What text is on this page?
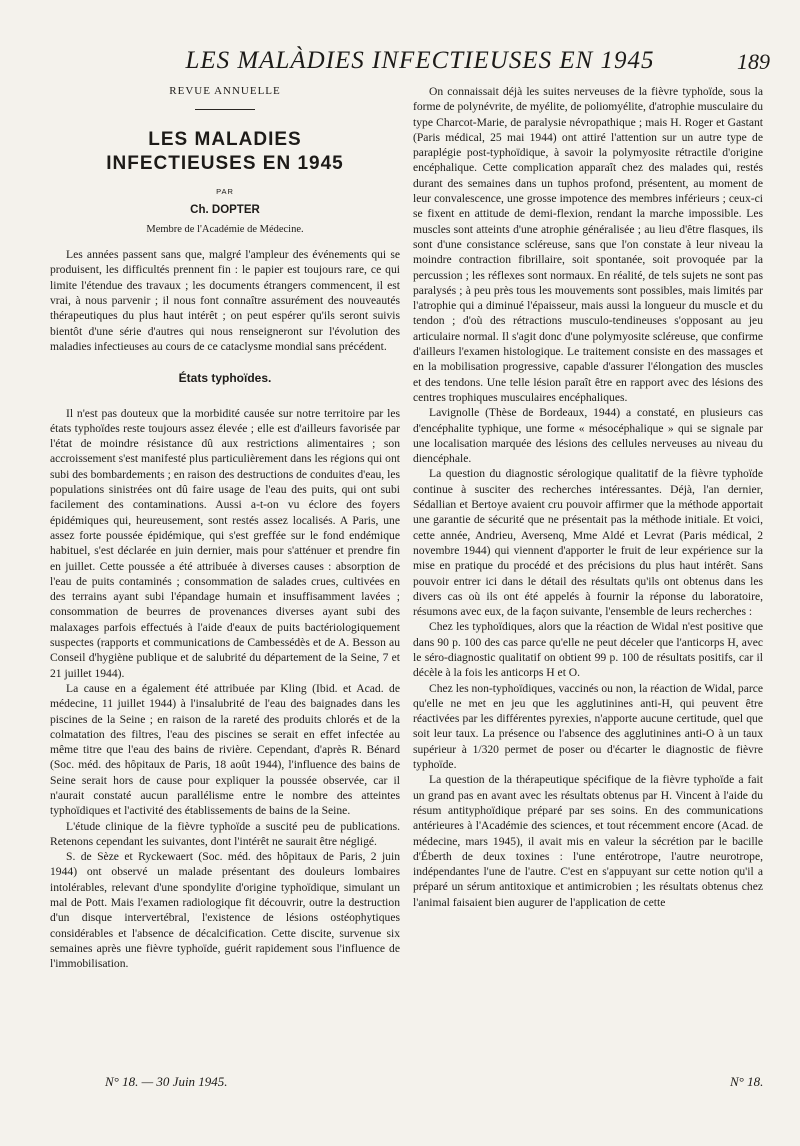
LES MALÀDIES INFECTIEUSES EN 1945	189
REVUE ANNUELLE
LES MALADIES
INFECTIEUSES EN 1945
PAR
Ch. DOPTER
Membre de l'Académie de Médecine.

Les années passent sans que, malgré l'ampleur des événements qui se produisent, les difficultés prennent fin : le papier est toujours rare, ce qui limite l'étendue des travaux ; les documents étrangers commencent, il est vrai, à nous parvenir ; il nous font connaître assurément des nouveautés thérapeutiques du plus haut intérêt ; on peut espérer qu'ils seront suivis bientôt d'une série d'autres qui nous renseigneront sur l'évolution des maladies infectieuses au cours de ce cataclysme mondial sans précédent.

États typhoïdes.

Il n'est pas douteux que la morbidité causée sur notre territoire par les états typhoïdes reste toujours assez élevée ; elle est d'ailleurs favorisée par l'état de moindre résistance dû aux restrictions alimentaires ; son accroissement s'est manifesté plus particulièrement dans les régions qui ont subi des bombardements ; en raison des destructions de conduites d'eau, les populations sinistrées ont dû faire usage de l'eau des puits, qui ont subi facilement des contaminations. Aussi a-t-on vu éclore des foyers épidémiques qui, heureusement, sont restés assez localisés. A Paris, une assez forte poussée épidémique, qui s'est greffée sur le fond endémique habituel, s'est déclarée en juin dernier, mais pour s'atténuer et prendre fin en juillet. Cette poussée a été attribuée à diverses causes : absorption de l'eau de puits contaminés ; consommation de salades crues, cultivées en des terrains ayant subi l'épandage humain et insuffisamment lavées ; consommation de beurres de provenances diverses ayant subi des malaxages parfois effectués à l'aide d'eaux de puits bactériologiquement suspectes (rapports et communications de Cambessédès et de A. Besson au Conseil d'hygiène publique et de salubrité du département de la Seine, 7 et 21 juillet 1944).

La cause en a également été attribuée par Kling (Ibid. et Acad. de médecine, 11 juillet 1944) à l'insalubrité de l'eau des baignades dans les piscines de la Seine ; en raison de la rareté des produits chlorés et de la colmatation des filtres, l'eau des piscines se serait en effet infectée au même titre que l'eau des bains de rivière. Cependant, d'après R. Bénard (Soc. méd. des hôpitaux de Paris, 18 août 1944), l'influence des bains de Seine serait hors de cause pour expliquer la poussée observée, car il n'aurait constaté aucun parallélisme entre le nombre des atteintes typhoïdiques et l'activité des établissements de bains de la Seine.

L'étude clinique de la fièvre typhoïde a suscité peu de publications. Retenons cependant les suivantes, dont l'intérêt ne saurait être négligé.

S. de Sèze et Ryckewaert (Soc. méd. des hôpitaux de Paris, 2 juin 1944) ont observé un malade présentant des douleurs lombaires intolérables, relevant d'une spondylite d'origine typhoïdique, simulant un mal de Pott. Mais l'examen radiologique fit découvrir, outre la destruction d'un disque intervertébral, l'existence de lésions ostéophytiques considérables et l'absence de décalcification. Cette discite, survenue six semaines après une fièvre typhoïde, guérit rapidement sous l'influence de l'immobilisation.

On connaissait déjà les suites nerveuses de la fièvre typhoïde, sous la forme de polynévrite, de myélite, de poliomyélite, d'atrophie musculaire du type Charcot-Marie, de paralysie névropathique ; mais H. Roger et Gastant (Paris médical, 25 mai 1944) ont attiré l'attention sur un autre type de paraplégie post-typhoïdique, à savoir la polymyosite rétractile d'origine encéphalique. Cette complication apparaît chez des malades qui, restés durant des semaines dans un tuphos profond, présentent, au moment de leur convalescence, une grosse impotence des membres inférieurs ; ceux-ci se fixent en attitude de demi-flexion, rendant la marche impossible. Les muscles sont atteints d'une atrophie généralisée ; au lieu d'être flasques, ils sont d'une consistance scléreuse, sans que l'on constate à leur niveau la moindre contraction fibrillaire, soit spontanée, soit provoquée par la percussion ; les réflexes sont normaux. En réalité, de tels sujets ne sont pas paralysés ; à peu près tous les mouvements sont possibles, mais limités par l'atrophie qui a diminué l'épaisseur, mais aussi la longueur du muscle et du tendon ; d'où des rétractions musculo-tendineuses s'opposant au jeu articulaire normal. Il s'agit donc d'une polymyosite scléreuse, que confirme d'ailleurs l'examen histologique. Le traitement consiste en des massages et en la mobilisation progressive, capable d'assurer l'élongation des muscles et des tendons. Une telle lésion paraît être en rapport avec des lésions des centres trophiques musculaires encéphaliques.

Lavignolle (Thèse de Bordeaux, 1944) a constaté, en plusieurs cas d'encéphalite typhique, une forme « mésocéphalique » qui se signale par une localisation marquée des lésions des cellules nerveuses au niveau du diencéphale.

La question du diagnostic sérologique qualitatif de la fièvre typhoïde continue à susciter des recherches intéressantes. Déjà, l'an dernier, Sédallian et Bertoye avaient cru pouvoir affirmer que la méthode apportait une garantie de sécurité que ne présentait pas la méthode initiale. Et voici, cette année, Andrieu, Aversenq, Mme Aldé et Levrat (Paris médical, 2 novembre 1944) qui viennent d'apporter le fruit de leur expérience sur la mise en pratique du procédé et des précisions du plus haut intérêt. Sans pouvoir entrer ici dans le détail des résultats qu'ils ont obtenus dans les divers cas où ils ont été appelés à fournir la réponse du laboratoire, résumons avec eux, de la façon suivante, l'ensemble de leurs recherches :

Chez les typhoïdiques, alors que la réaction de Widal n'est positive que dans 90 p. 100 des cas parce qu'elle ne peut déceler que l'anticorps H, avec le séro-diagnostic qualitatif on obtient 99 p. 100 de résultats positifs, car il décèle à la fois les anticorps H et O.

Chez les non-typhoïdiques, vaccinés ou non, la réaction de Widal, parce qu'elle ne met en jeu que les agglutinines anti-H, qui peuvent être réactivées par les différentes pyrexies, n'apporte aucune certitude, quel que soit leur taux. La présence ou l'absence des agglutinines anti-O à un taux supérieur à 1/320 permet de poser ou d'écarter le diagnostic de fièvre typhoïde.

La question de la thérapeutique spécifique de la fièvre typhoïde a fait un grand pas en avant avec les résultats obtenus par H. Vincent à l'aide du résum antityphoïdique préparé par ses soins. En des communications antérieures à l'Académie des sciences, et tout récemment encore (Acad. de médecine, mars 1945), il avait mis en valeur la sécrétion par le bacille d'Éberth de deux toxines : l'une entérotrope, l'autre neurotrope, indépendantes l'une de l'autre. C'est en s'appuyant sur cette notion qu'il a préparé un sérum antitoxique et antimicrobien ; les résultats obtenus chez l'animal faisaient bien augurer de l'application de cette

N° 18. — 30 Juin 1945.	N° 18.
